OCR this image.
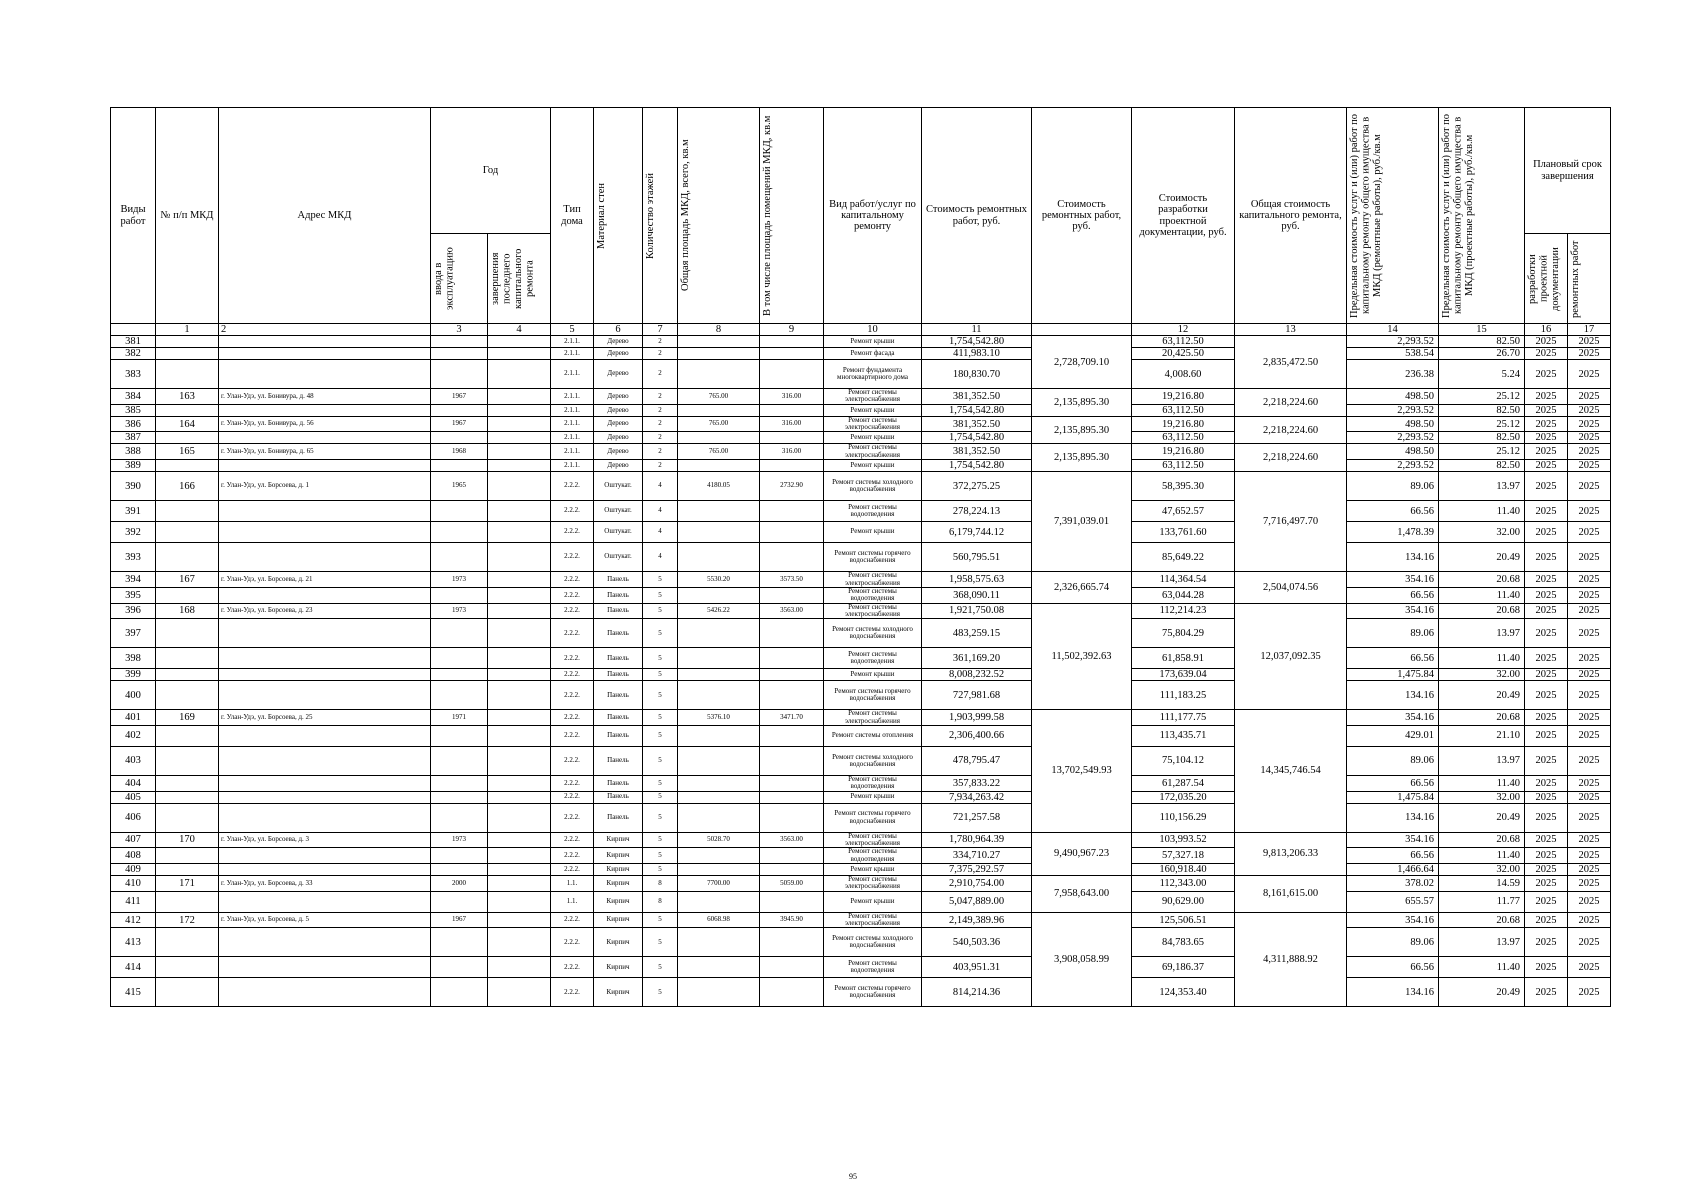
Виды работ	№ п/п МКД	Адрес МКД	Год		Тип дома	Материал стен	Количество этажей	Общая площадь МКД, всего, кв.м	В том числе площадь помещений МКД, кв.м	Вид работ/услуг по капитальному ремонту	Стоимость ремонтных работ, руб.	Стоимость ремонтных работ, руб.	Стоимость разработки проектной документации, руб.	Общая стоимость капитального ремонта, руб.	Предельная стоимость услуг и (или) работ по капитальному ремонту общего имущества в МКД (ремонтные работы), руб./кв.м	Предельная стоимость услуг и (или) работ по капитальному ремонту общего имущества в МКД (проектные работы), руб./кв.м	Плановый срок завершения	

			ввода в эксплуатацию	завершения последнего капитального ремонта													разработки проектной документации	ремонтных работ

	1	2	3	4	5	6	7	8	9	10	11		12	13	14	15	16	17
381					2.1.1.	Дерево	2			Ремонт крыши	1,754,542.80	2,728,709.10	63,112.50	2,835,472.50	2,293.52	82.50	2025	2025
382					2.1.1.	Дерево	2			Ремонт фасада	411,983.10		20,425.50		538.54	26.70	2025	2025
383					2.1.1.	Дерево	2			Ремонт фундамента многоквартирного дома	180,830.70		4,008.60		236.38	5.24	2025	2025
384	163	г. Улан-Удэ, ул. Бонивура, д. 48	1967		2.1.1.	Дерево	2	765.00	316.00	Ремонт системы электроснабжения	381,352.50	2,135,895.30	19,216.80	2,218,224.60	498.50	25.12	2025	2025
385					2.1.1.	Дерево	2			Ремонт крыши	1,754,542.80		63,112.50		2,293.52	82.50	2025	2025
386	164	г. Улан-Удэ, ул. Бонивура, д. 56	1967		2.1.1.	Дерево	2	765.00	316.00	Ремонт системы электроснабжения	381,352.50	2,135,895.30	19,216.80	2,218,224.60	498.50	25.12	2025	2025
387					2.1.1.	Дерево	2			Ремонт крыши	1,754,542.80		63,112.50		2,293.52	82.50	2025	2025
388	165	г. Улан-Удэ, ул. Бонивура, д. 65	1968		2.1.1.	Дерево	2	765.00	316.00	Ремонт системы электроснабжения	381,352.50	2,135,895.30	19,216.80	2,218,224.60	498.50	25.12	2025	2025
389					2.1.1.	Дерево	2			Ремонт крыши	1,754,542.80		63,112.50		2,293.52	82.50	2025	2025
390	166	г. Улан-Удэ, ул. Борсоева, д. 1	1965		2.2.2.	Оштукат.	4	4180.05	2732.90	Ремонт системы холодного водоснабжения	372,275.25	7,391,039.01	58,395.30	7,716,497.70	89.06	13.97	2025	2025
391					2.2.2.	Оштукат.	4			Ремонт системы водоотведения	278,224.13		47,652.57		66.56	11.40	2025	2025
392					2.2.2.	Оштукат.	4			Ремонт крыши	6,179,744.12		133,761.60		1,478.39	32.00	2025	2025
393					2.2.2.	Оштукат.	4			Ремонт системы горячего водоснабжения	560,795.51		85,649.22		134.16	20.49	2025	2025
394	167	г. Улан-Удэ, ул. Борсоева, д. 21	1973		2.2.2.	Панель	5	5530.20	3573.50	Ремонт системы электроснабжения	1,958,575.63	2,326,665.74	114,364.54	2,504,074.56	354.16	20.68	2025	2025
395					2.2.2.	Панель	5			Ремонт системы водоотведения	368,090.11		63,044.28		66.56	11.40	2025	2025
396	168	г. Улан-Удэ, ул. Борсоева, д. 23	1973		2.2.2.	Панель	5	5426.22	3563.00	Ремонт системы электроснабжения	1,921,750.08	11,502,392.63	112,214.23	12,037,092.35	354.16	20.68	2025	2025
397					2.2.2.	Панель	5			Ремонт системы холодного водоснабжения	483,259.15		75,804.29		89.06	13.97	2025	2025
398					2.2.2.	Панель	5			Ремонт системы водоотведения	361,169.20		61,858.91		66.56	11.40	2025	2025
399					2.2.2.	Панель	5			Ремонт крыши	8,008,232.52		173,639.04		1,475.84	32.00	2025	2025
400					2.2.2.	Панель	5			Ремонт системы горячего водоснабжения	727,981.68		111,183.25		134.16	20.49	2025	2025
401	169	г. Улан-Удэ, ул. Борсоева, д. 25	1971		2.2.2.	Панель	5	5376.10	3471.70	Ремонт системы электроснабжения	1,903,999.58	13,702,549.93	111,177.75	14,345,746.54	354.16	20.68	2025	2025
402					2.2.2.	Панель	5			Ремонт системы отопления	2,306,400.66		113,435.71		429.01	21.10	2025	2025
403					2.2.2.	Панель	5			Ремонт системы холодного водоснабжения	478,795.47		75,104.12		89.06	13.97	2025	2025
404					2.2.2.	Панель	5			Ремонт системы водоотведения	357,833.22		61,287.54		66.56	11.40	2025	2025
405					2.2.2.	Панель	5			Ремонт крыши	7,934,263.42		172,035.20		1,475.84	32.00	2025	2025
406					2.2.2.	Панель	5			Ремонт системы горячего водоснабжения	721,257.58		110,156.29		134.16	20.49	2025	2025
407	170	г. Улан-Удэ, ул. Борсоева, д. 3	1973		2.2.2.	Кирпич	5	5028.70	3563.00	Ремонт системы электроснабжения	1,780,964.39	9,490,967.23	103,993.52	9,813,206.33	354.16	20.68	2025	2025
408					2.2.2.	Кирпич	5			Ремонт системы водоотведения	334,710.27		57,327.18		66.56	11.40	2025	2025
409					2.2.2.	Кирпич	5			Ремонт крыши	7,375,292.57		160,918.40		1,466.64	32.00	2025	2025
410	171	г. Улан-Удэ, ул. Борсоева, д. 33	2000		1.1.	Кирпич	8	7700.00	5059.00	Ремонт системы электроснабжения	2,910,754.00	7,958,643.00	112,343.00	8,161,615.00	378.02	14.59	2025	2025
411					1.1.	Кирпич	8			Ремонт крыши	5,047,889.00		90,629.00		655.57	11.77	2025	2025
412	172	г. Улан-Удэ, ул. Борсоева, д. 5	1967		2.2.2.	Кирпич	5	6068.98	3945.90	Ремонт системы электроснабжения	2,149,389.96	3,908,058.99	125,506.51	4,311,888.92	354.16	20.68	2025	2025
413					2.2.2.	Кирпич	5			Ремонт системы холодного водоснабжения	540,503.36		84,783.65		89.06	13.97	2025	2025
414					2.2.2.	Кирпич	5			Ремонт системы водоотведения	403,951.31		69,186.37		66.56	11.40	2025	2025
415					2.2.2.	Кирпич	5			Ремонт системы горячего водоснабжения	814,214.36		124,353.40		134.16	20.49	2025	2025
95
